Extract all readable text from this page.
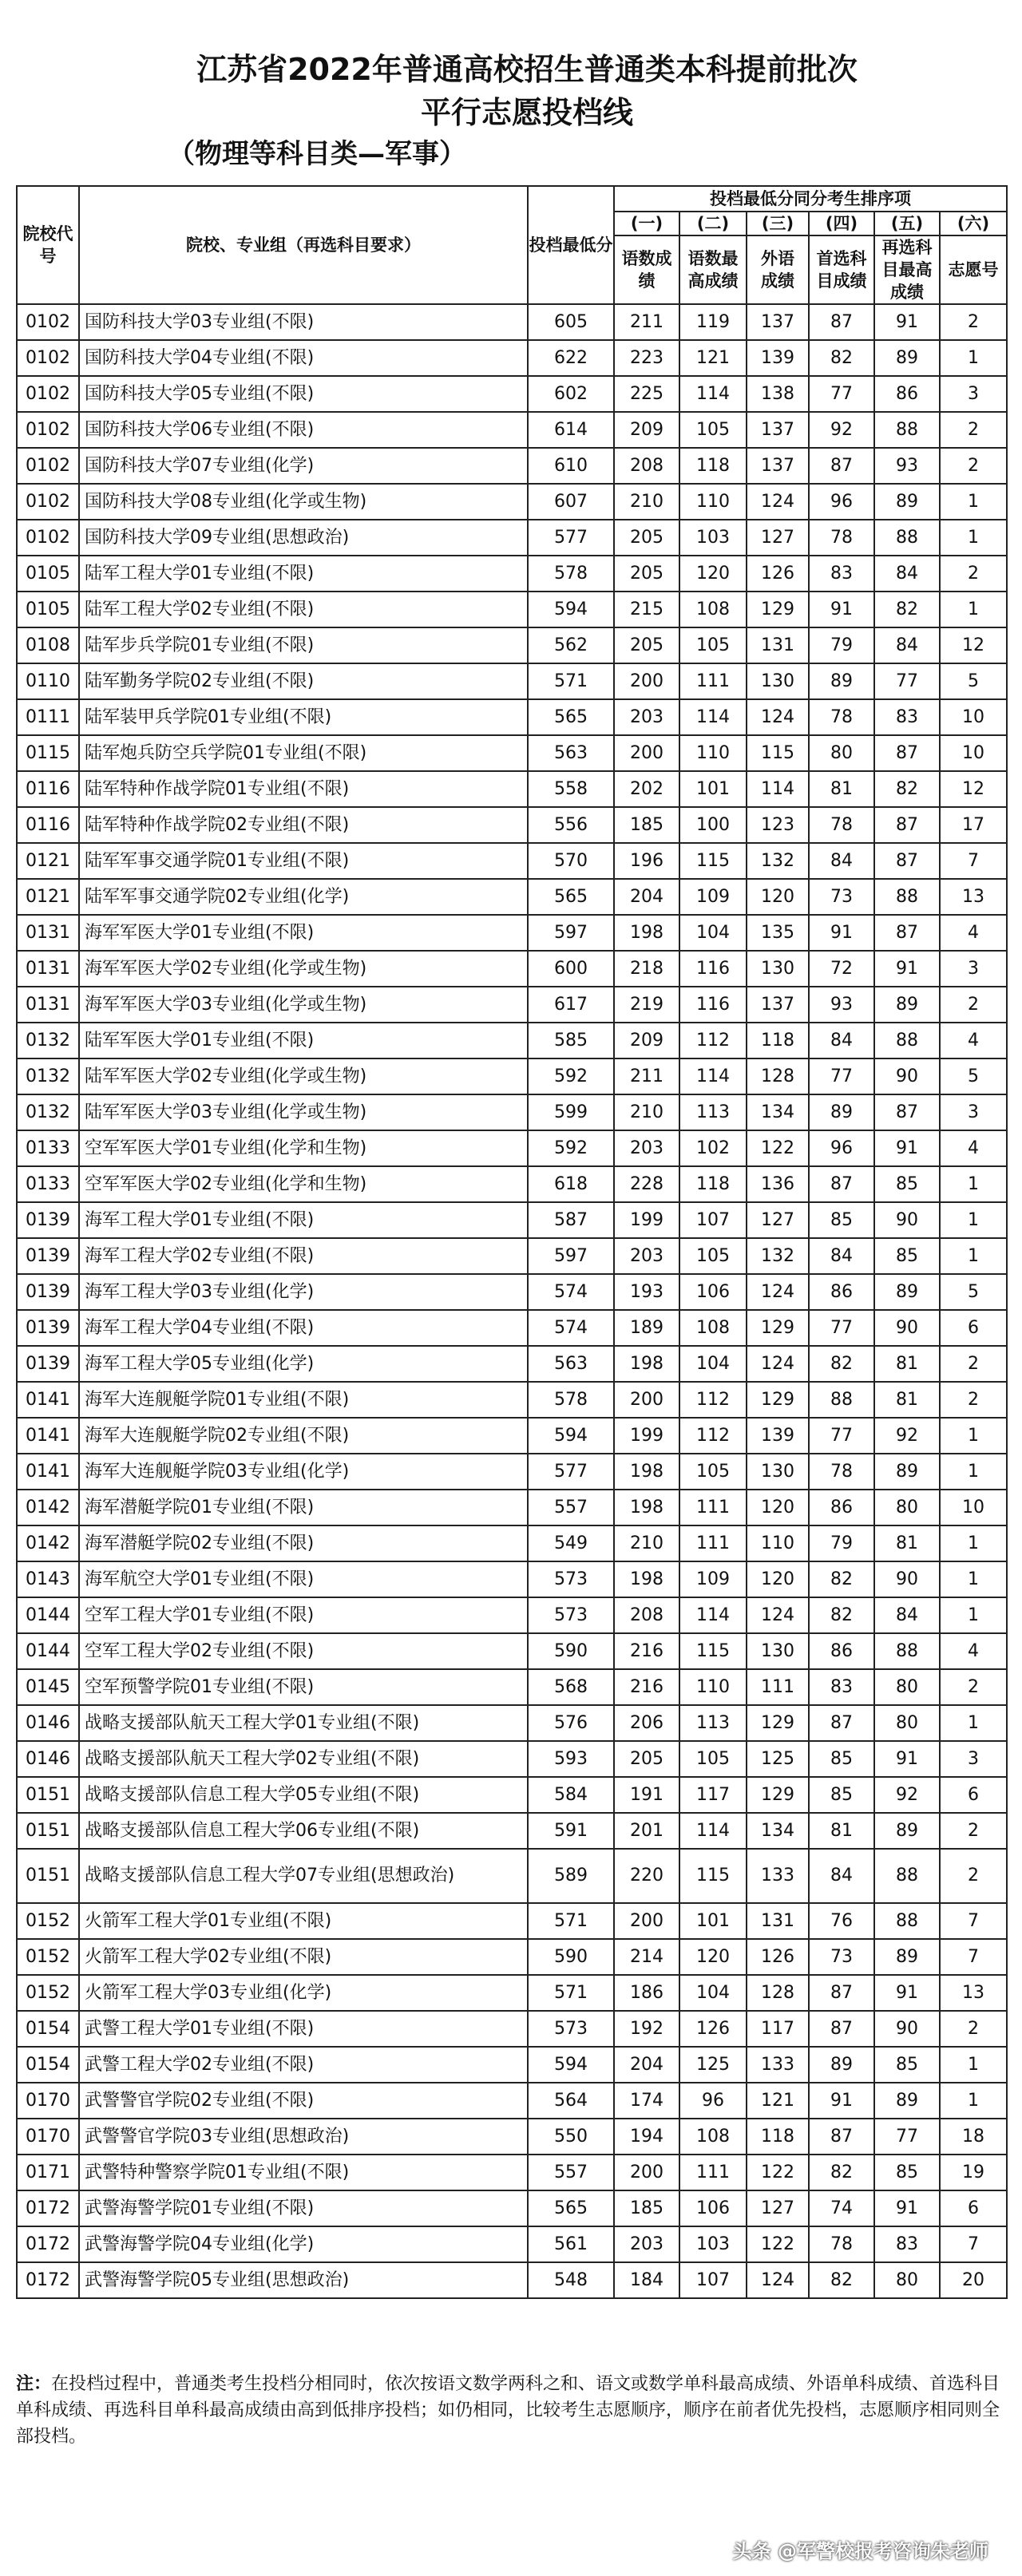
江苏省2022年普通高校招生普通类本科提前批次
平行志愿投档线
（物理等科目类—军事）
院校代号	院校、专业组（再选科目要求）	投档最低分	投档最低分同分考生排序项					
			(一)	(二)	(三)	(四)	(五)	(六)
			语数成绩	语数最高成绩	外语成绩	首选科目成绩	再选科目最高成绩	志愿号
0102	国防科技大学03专业组(不限)	605	211	119	137	87	91	2
0102	国防科技大学04专业组(不限)	622	223	121	139	82	89	1
0102	国防科技大学05专业组(不限)	602	225	114	138	77	86	3
0102	国防科技大学06专业组(不限)	614	209	105	137	92	88	2
0102	国防科技大学07专业组(化学)	610	208	118	137	87	93	2
0102	国防科技大学08专业组(化学或生物)	607	210	110	124	96	89	1
0102	国防科技大学09专业组(思想政治)	577	205	103	127	78	88	1
0105	陆军工程大学01专业组(不限)	578	205	120	126	83	84	2
0105	陆军工程大学02专业组(不限)	594	215	108	129	91	82	1
0108	陆军步兵学院01专业组(不限)	562	205	105	131	79	84	12
0110	陆军勤务学院02专业组(不限)	571	200	111	130	89	77	5
0111	陆军装甲兵学院01专业组(不限)	565	203	114	124	78	83	10
0115	陆军炮兵防空兵学院01专业组(不限)	563	200	110	115	80	87	10
0116	陆军特种作战学院01专业组(不限)	558	202	101	114	81	82	12
0116	陆军特种作战学院02专业组(不限)	556	185	100	123	78	87	17
0121	陆军军事交通学院01专业组(不限)	570	196	115	132	84	87	7
0121	陆军军事交通学院02专业组(化学)	565	204	109	120	73	88	13
0131	海军军医大学01专业组(不限)	597	198	104	135	91	87	4
0131	海军军医大学02专业组(化学或生物)	600	218	116	130	72	91	3
0131	海军军医大学03专业组(化学或生物)	617	219	116	137	93	89	2
0132	陆军军医大学01专业组(不限)	585	209	112	118	84	88	4
0132	陆军军医大学02专业组(化学或生物)	592	211	114	128	77	90	5
0132	陆军军医大学03专业组(化学或生物)	599	210	113	134	89	87	3
0133	空军军医大学01专业组(化学和生物)	592	203	102	122	96	91	4
0133	空军军医大学02专业组(化学和生物)	618	228	118	136	87	85	1
0139	海军工程大学01专业组(不限)	587	199	107	127	85	90	1
0139	海军工程大学02专业组(不限)	597	203	105	132	84	85	1
0139	海军工程大学03专业组(化学)	574	193	106	124	86	89	5
0139	海军工程大学04专业组(不限)	574	189	108	129	77	90	6
0139	海军工程大学05专业组(化学)	563	198	104	124	82	81	2
0141	海军大连舰艇学院01专业组(不限)	578	200	112	129	88	81	2
0141	海军大连舰艇学院02专业组(不限)	594	199	112	139	77	92	1
0141	海军大连舰艇学院03专业组(化学)	577	198	105	130	78	89	1
0142	海军潜艇学院01专业组(不限)	557	198	111	120	86	80	10
0142	海军潜艇学院02专业组(不限)	549	210	111	110	79	81	1
0143	海军航空大学01专业组(不限)	573	198	109	120	82	90	1
0144	空军工程大学01专业组(不限)	573	208	114	124	82	84	1
0144	空军工程大学02专业组(不限)	590	216	115	130	86	88	4
0145	空军预警学院01专业组(不限)	568	216	110	111	83	80	2
0146	战略支援部队航天工程大学01专业组(不限)	576	206	113	129	87	80	1
0146	战略支援部队航天工程大学02专业组(不限)	593	205	105	125	85	91	3
0151	战略支援部队信息工程大学05专业组(不限)	584	191	117	129	85	92	6
0151	战略支援部队信息工程大学06专业组(不限)	591	201	114	134	81	89	2
0151	战略支援部队信息工程大学07专业组(思想政治)	589	220	115	133	84	88	2
0152	火箭军工程大学01专业组(不限)	571	200	101	131	76	88	7
0152	火箭军工程大学02专业组(不限)	590	214	120	126	73	89	7
0152	火箭军工程大学03专业组(化学)	571	186	104	128	87	91	13
0154	武警工程大学01专业组(不限)	573	192	126	117	87	90	2
0154	武警工程大学02专业组(不限)	594	204	125	133	89	85	1
0170	武警警官学院02专业组(不限)	564	174	96	121	91	89	1
0170	武警警官学院03专业组(思想政治)	550	194	108	118	87	77	18
0171	武警特种警察学院01专业组(不限)	557	200	111	122	82	85	19
0172	武警海警学院01专业组(不限)	565	185	106	127	74	91	6
0172	武警海警学院04专业组(化学)	561	203	103	122	78	83	7
0172	武警海警学院05专业组(思想政治)	548	184	107	124	82	80	20
注：在投档过程中，普通类考生投档分相同时，依次按语文数学两科之和、语文或数学单科最高成绩、外语单科成绩、首选科目单科成绩、再选科目单科最高成绩由高到低排序投档；如仍相同，比较考生志愿顺序，顺序在前者优先投档，志愿顺序相同则全部投档。
头条 @军警校报考咨询朱老师
